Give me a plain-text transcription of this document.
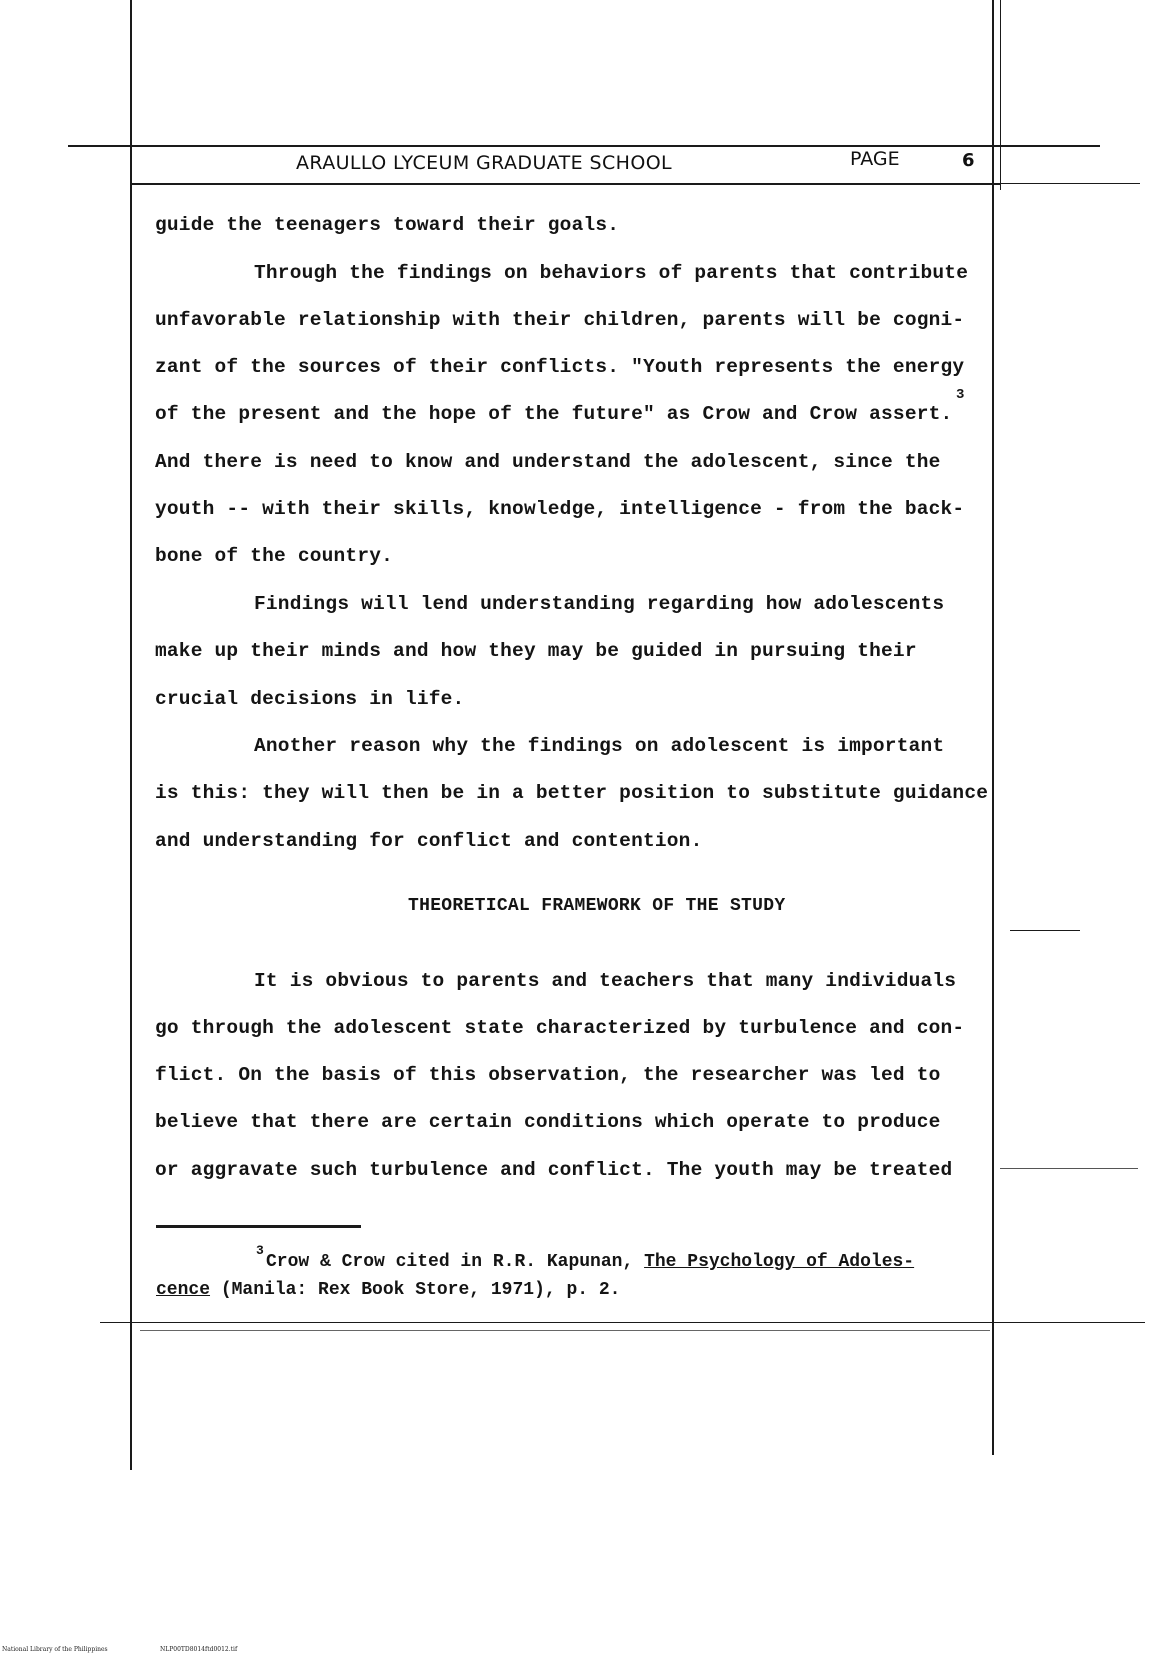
ARAULLO LYCEUM GRADUATE SCHOOL	PAGE	6
guide the teenagers toward their goals.
Through the findings on behaviors of parents that contribute
unfavorable relationship with their children, parents will be cogni-
zant of the sources of their conflicts. "Youth represents the energy
of the present and the hope of the future" as Crow and Crow assert.
3
And there is need to know and understand the adolescent, since the
youth -- with their skills, knowledge, intelligence - from the back-
bone of the country.
Findings will lend understanding regarding how adolescents
make up their minds and how they may be guided in pursuing their
crucial decisions in life.
Another reason why the findings on adolescent is important
is this: they will then be in a better position to substitute guidance
and understanding for conflict and contention.
THEORETICAL FRAMEWORK OF THE STUDY
It is obvious to parents and teachers that many individuals
go through the adolescent state characterized by turbulence and con-
flict. On the basis of this observation, the researcher was led to
believe that there are certain conditions which operate to produce
or aggravate such turbulence and conflict. The youth may be treated
3
Crow & Crow cited in R.R. Kapunan, The Psychology of Adoles-
cence (Manila: Rex Book Store, 1971), p. 2.
National Library of the Philippines	NLP00TD8014ftd0012.tif
